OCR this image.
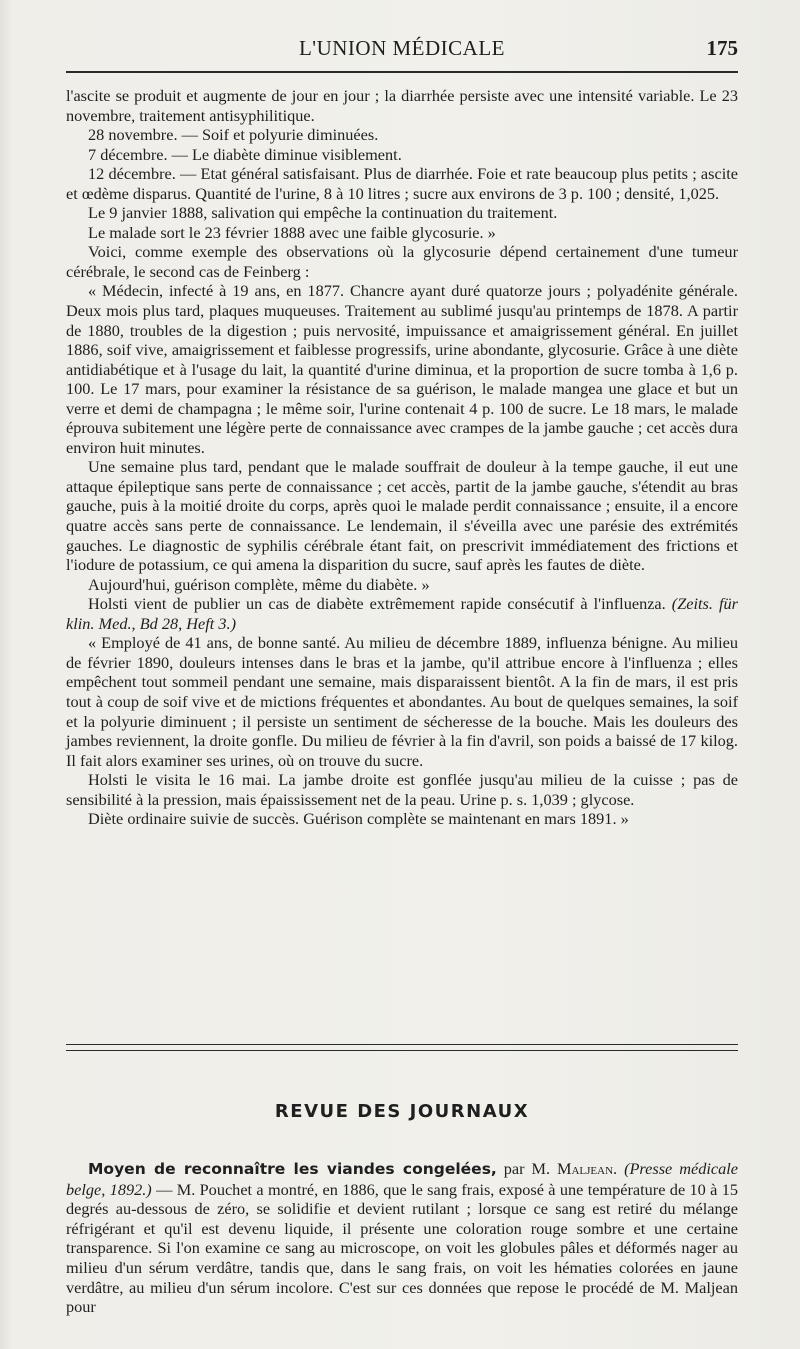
L'UNION MÉDICALE	175

l'ascite se produit et augmente de jour en jour ; la diarrhée persiste avec une intensité variable. Le 23 novembre, traitement antisyphilitique.

28 novembre. — Soif et polyurie diminuées.

7 décembre. — Le diabète diminue visiblement.

12 décembre. — Etat général satisfaisant. Plus de diarrhée. Foie et rate beaucoup plus petits ; ascite et œdème disparus. Quantité de l'urine, 8 à 10 litres ; sucre aux environs de 3 p. 100 ; densité, 1,025.

Le 9 janvier 1888, salivation qui empêche la continuation du traitement.

Le malade sort le 23 février 1888 avec une faible glycosurie. »

Voici, comme exemple des observations où la glycosurie dépend certainement d'une tumeur cérébrale, le second cas de Feinberg :

« Médecin, infecté à 19 ans, en 1877. Chancre ayant duré quatorze jours ; polyadénite générale. Deux mois plus tard, plaques muqueuses. Traitement au sublimé jusqu'au printemps de 1878. A partir de 1880, troubles de la digestion ; puis nervosité, impuissance et amaigrissement général. En juillet 1886, soif vive, amaigrissement et faiblesse progressifs, urine abondante, glycosurie. Grâce à une diète antidiabétique et à l'usage du lait, la quantité d'urine diminua, et la proportion de sucre tomba à 1,6 p. 100. Le 17 mars, pour examiner la résistance de sa guérison, le malade mangea une glace et but un verre et demi de champagna ; le même soir, l'urine contenait 4 p. 100 de sucre. Le 18 mars, le malade éprouva subitement une légère perte de connaissance avec crampes de la jambe gauche ; cet accès dura environ huit minutes.

Une semaine plus tard, pendant que le malade souffrait de douleur à la tempe gauche, il eut une attaque épileptique sans perte de connaissance ; cet accès, partit de la jambe gauche, s'étendit au bras gauche, puis à la moitié droite du corps, après quoi le malade perdit connaissance ; ensuite, il a encore quatre accès sans perte de connaissance. Le lendemain, il s'éveilla avec une parésie des extrémités gauches. Le diagnostic de syphilis cérébrale étant fait, on prescrivit immédiatement des frictions et l'iodure de potassium, ce qui amena la disparition du sucre, sauf après les fautes de diète.

Aujourd'hui, guérison complète, même du diabète. »

Holsti vient de publier un cas de diabète extrêmement rapide consécutif à l'influenza. (Zeits. für klin. Med., Bd 28, Heft 3.)

« Employé de 41 ans, de bonne santé. Au milieu de décembre 1889, influenza bénigne. Au milieu de février 1890, douleurs intenses dans le bras et la jambe, qu'il attribue encore à l'influenza ; elles empêchent tout sommeil pendant une semaine, mais disparaissent bientôt. A la fin de mars, il est pris tout à coup de soif vive et de mictions fréquentes et abondantes. Au bout de quelques semaines, la soif et la polyurie diminuent ; il persiste un sentiment de sécheresse de la bouche. Mais les douleurs des jambes reviennent, la droite gonfle. Du milieu de février à la fin d'avril, son poids a baissé de 17 kilog. Il fait alors examiner ses urines, où on trouve du sucre.

Holsti le visita le 16 mai. La jambe droite est gonflée jusqu'au milieu de la cuisse ; pas de sensibilité à la pression, mais épaississement net de la peau. Urine p. s. 1,039 ; glycose.

Diète ordinaire suivie de succès. Guérison complète se maintenant en mars 1891. »

REVUE DES JOURNAUX

Moyen de reconnaître les viandes congelées, par M. Maljean. (Presse médicale belge, 1892.) — M. Pouchet a montré, en 1886, que le sang frais, exposé à une température de 10 à 15 degrés au-dessous de zéro, se solidifie et devient rutilant ; lorsque ce sang est retiré du mélange réfrigérant et qu'il est devenu liquide, il présente une coloration rouge sombre et une certaine transparence. Si l'on examine ce sang au microscope, on voit les globules pâles et déformés nager au milieu d'un sérum verdâtre, tandis que, dans le sang frais, on voit les hématies colorées en jaune verdâtre, au milieu d'un sérum incolore. C'est sur ces données que repose le procédé de M. Maljean pour
